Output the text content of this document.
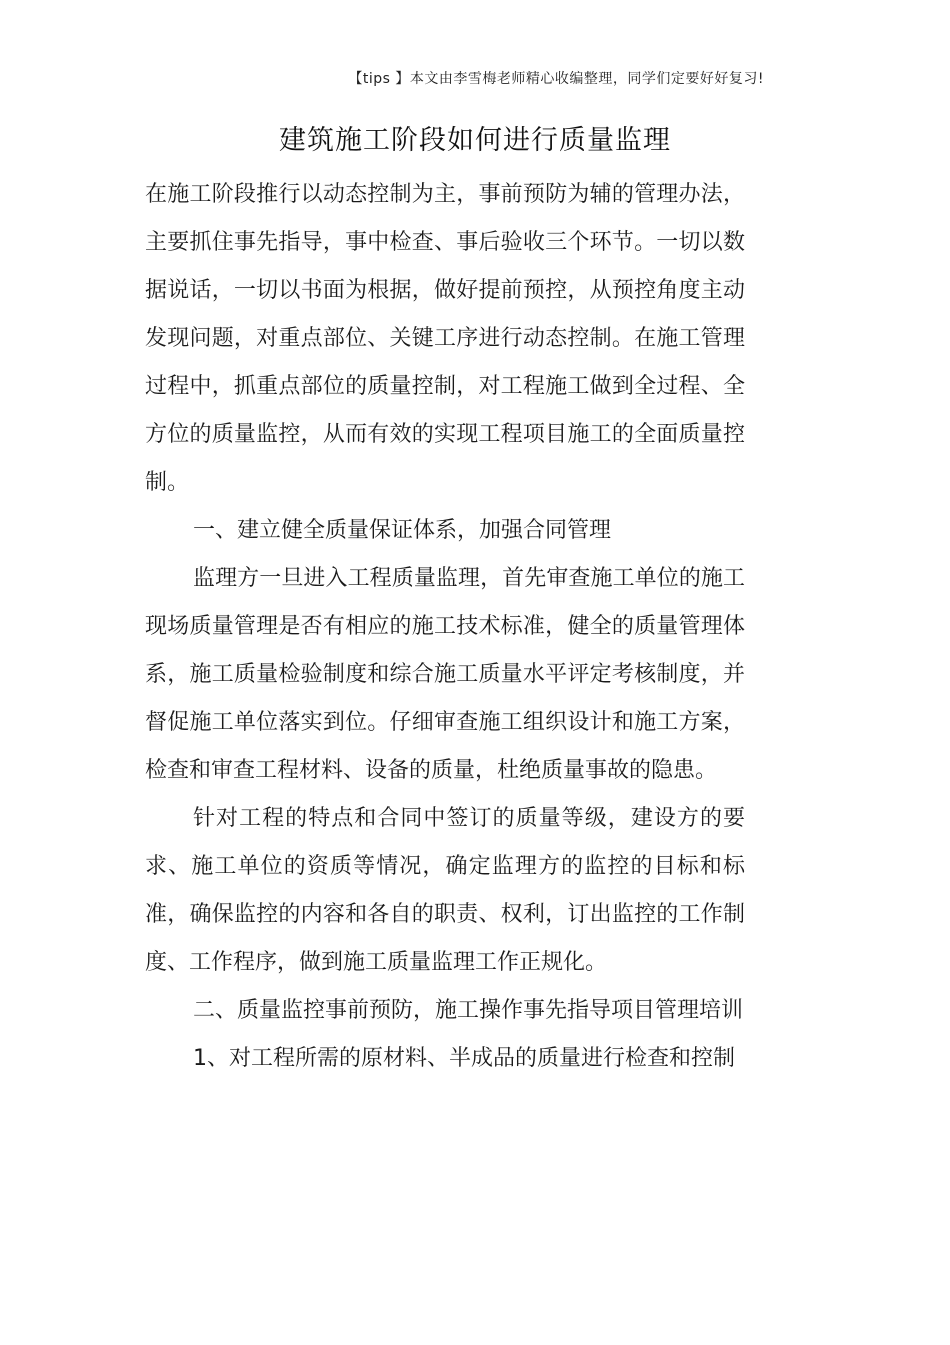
【tips 】本文由李雪梅老师精心收编整理，同学们定要好好复习!
建筑施工阶段如何进行质量监理

在施工阶段推行以动态控制为主，事前预防为辅的管理办法，主要抓住事先指导，事中检查、事后验收三个环节。一切以数据说话，一切以书面为根据，做好提前预控，从预控角度主动发现问题，对重点部位、关键工序进行动态控制。在施工管理过程中，抓重点部位的质量控制，对工程施工做到全过程、全方位的质量监控，从而有效的实现工程项目施工的全面质量控制。

一、建立健全质量保证体系，加强合同管理

监理方一旦进入工程质量监理，首先审查施工单位的施工现场质量管理是否有相应的施工技术标准，健全的质量管理体系，施工质量检验制度和综合施工质量水平评定考核制度，并督促施工单位落实到位。仔细审查施工组织设计和施工方案，检查和审查工程材料、设备的质量，杜绝质量事故的隐患。

针对工程的特点和合同中签订的质量等级，建设方的要求、施工单位的资质等情况，确定监理方的监控的目标和标准，确保监控的内容和各自的职责、权利，订出监控的工作制度、工作程序，做到施工质量监理工作正规化。

二、质量监控事前预防，施工操作事先指导项目管理培训

1、对工程所需的原材料、半成品的质量进行检查和控制
